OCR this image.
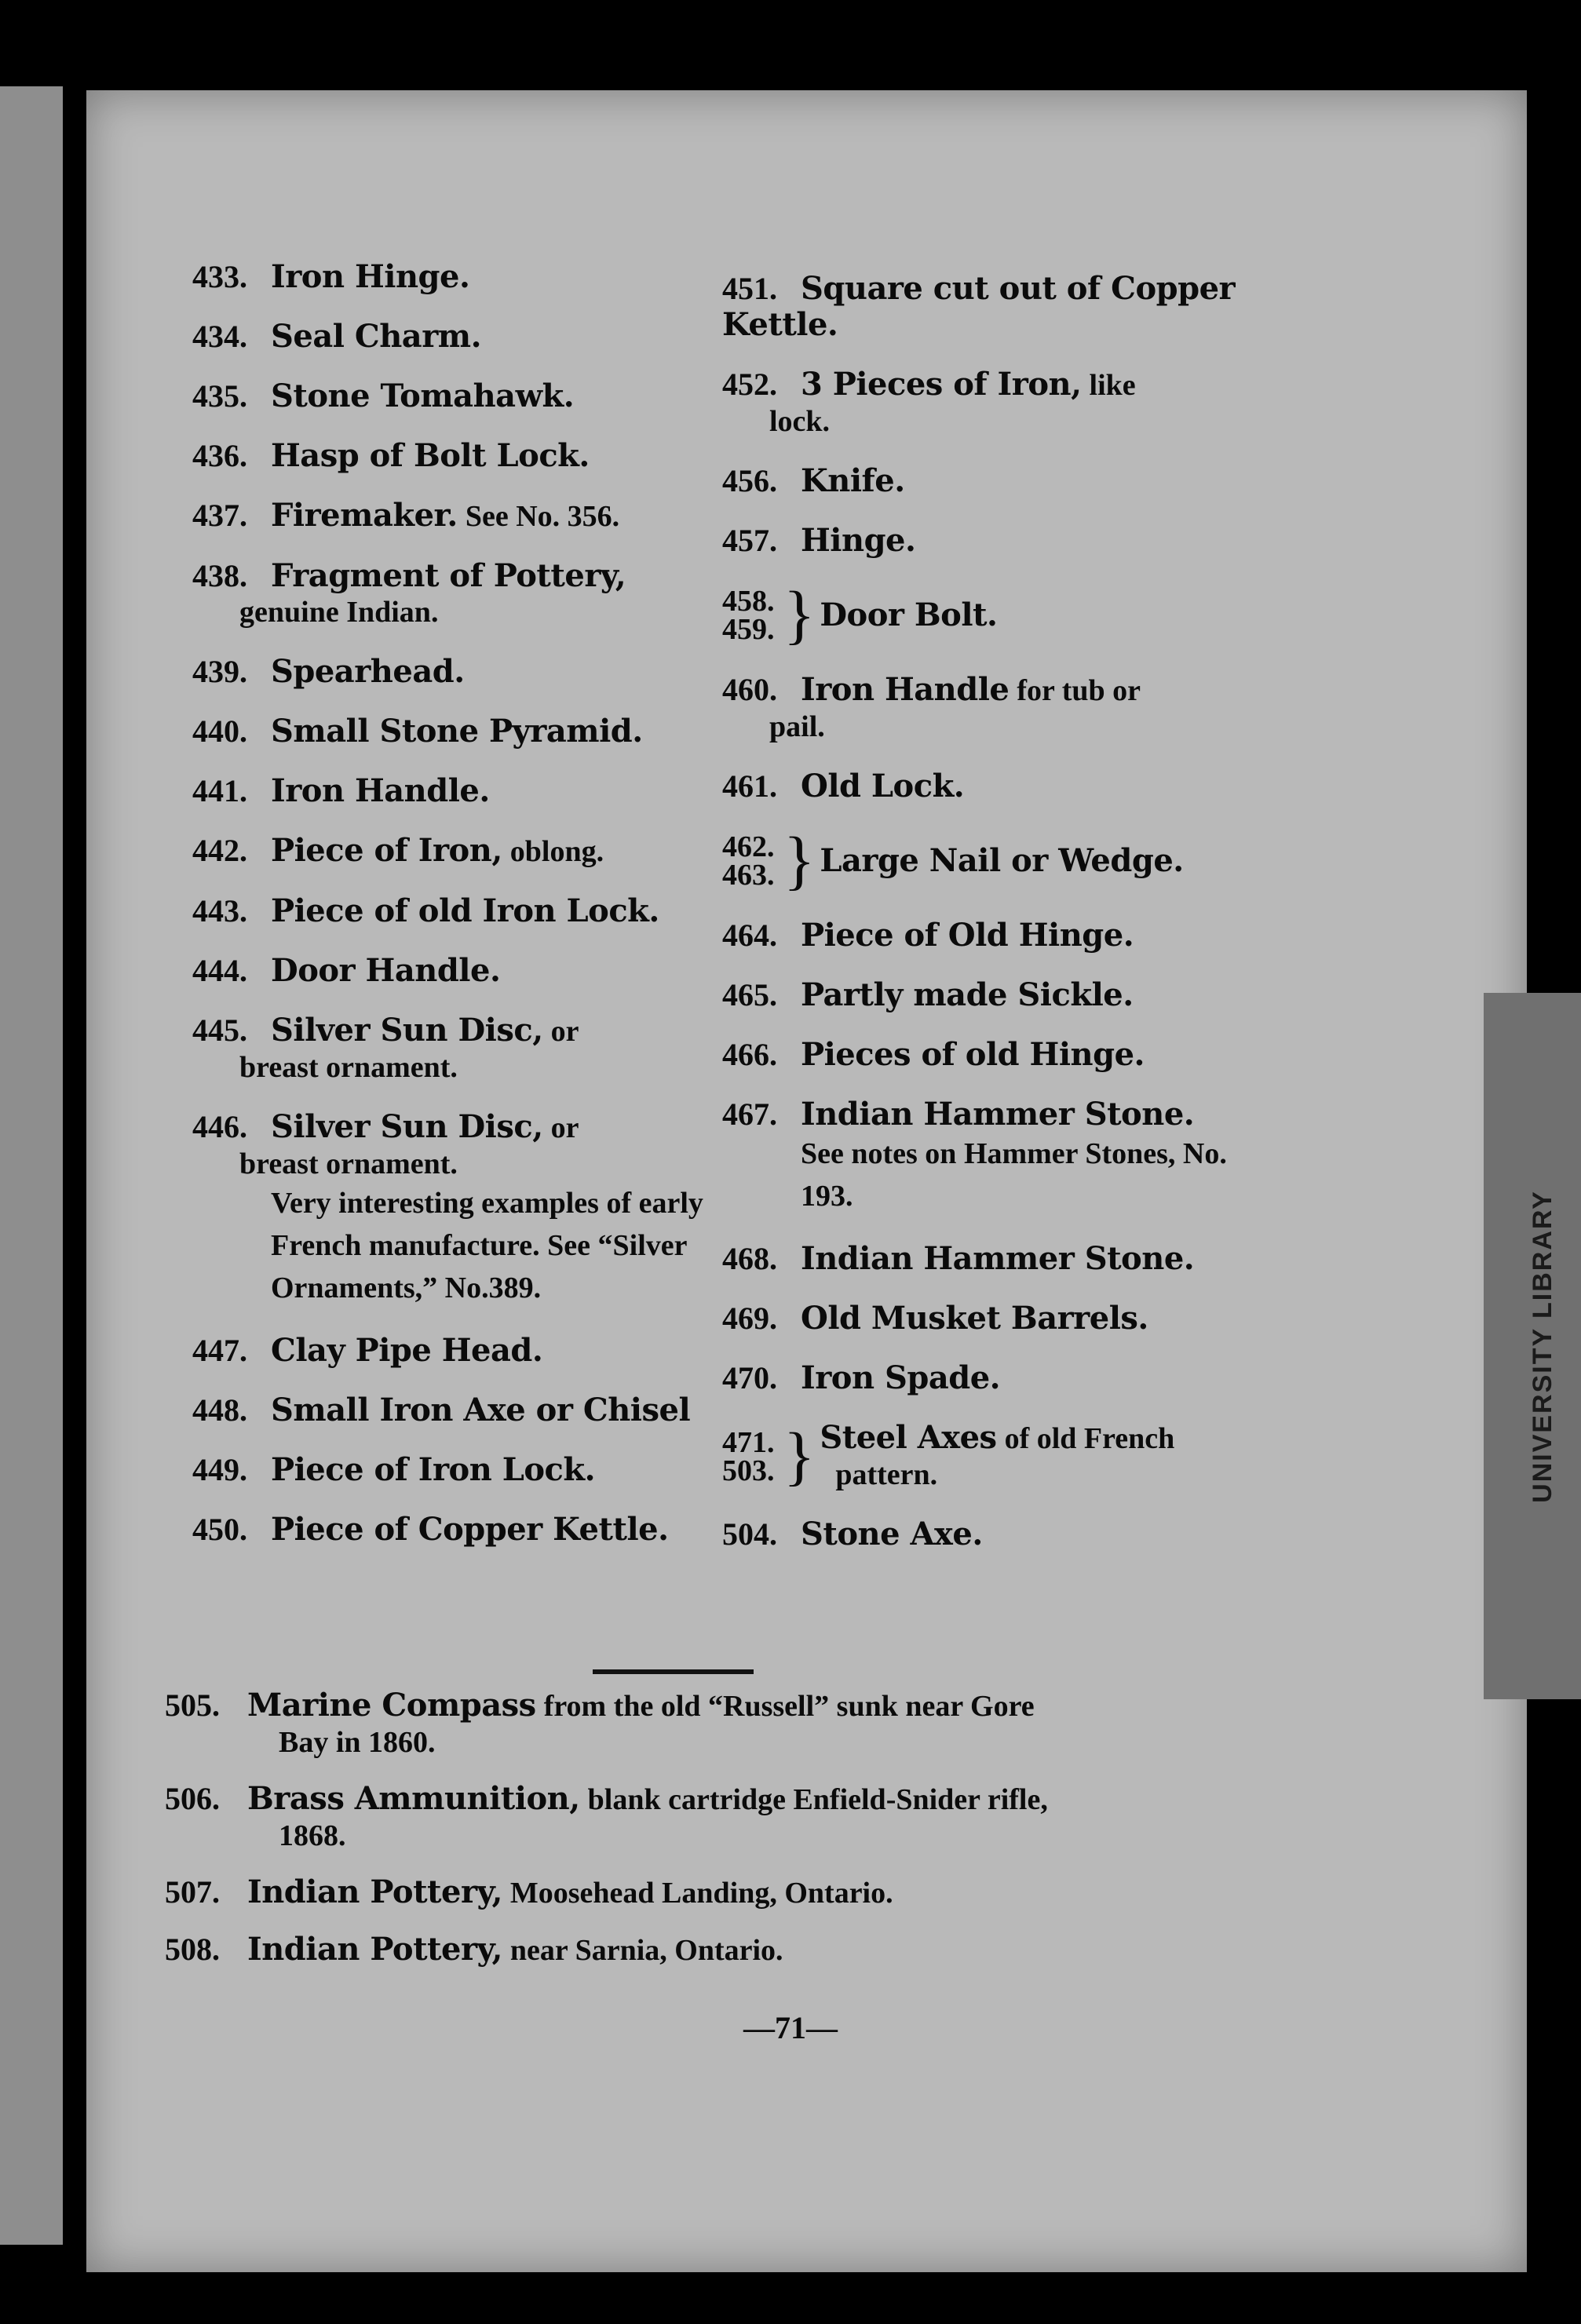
UNIVERSITY LIBRARY
433. Iron Hinge.
434. Seal Charm.
435. Stone Tomahawk.
436. Hasp of Bolt Lock.
437. Firemaker. See No. 356.
438. Fragment of Pottery,
genuine Indian.
439. Spearhead.
440. Small Stone Pyramid.
441. Iron Handle.
442. Piece of Iron, oblong.
443. Piece of old Iron Lock.
444. Door Handle.
445. Silver Sun Disc, or
breast ornament.
446. Silver Sun Disc, or
breast ornament.
Very interesting examples of early French manufacture. See “Silver Ornaments,” No.389.
447. Clay Pipe Head.
448. Small Iron Axe or Chisel
449. Piece of Iron Lock.
450. Piece of Copper Kettle.
451. Square cut out of Copper Kettle.
452. 3 Pieces of Iron, like
lock.
456. Knife.
457. Hinge.
458.
459. } Door Bolt.
460. Iron Handle for tub or
pail.
461. Old Lock.
462.
463. } Large Nail or Wedge.
464. Piece of Old Hinge.
465. Partly made Sickle.
466. Pieces of old Hinge.
467. Indian Hammer Stone.
See notes on Hammer Stones, No. 193.
468. Indian Hammer Stone.
469. Old Musket Barrels.
470. Iron Spade.
471.
503. } Steel Axes of old French
pattern.
504. Stone Axe.
505. Marine Compass from the old “Russell” sunk near Gore
Bay in 1860.
506. Brass Ammunition, blank cartridge Enfield-Snider rifle,
1868.
507. Indian Pottery, Moosehead Landing, Ontario.
508. Indian Pottery, near Sarnia, Ontario.
—71—
